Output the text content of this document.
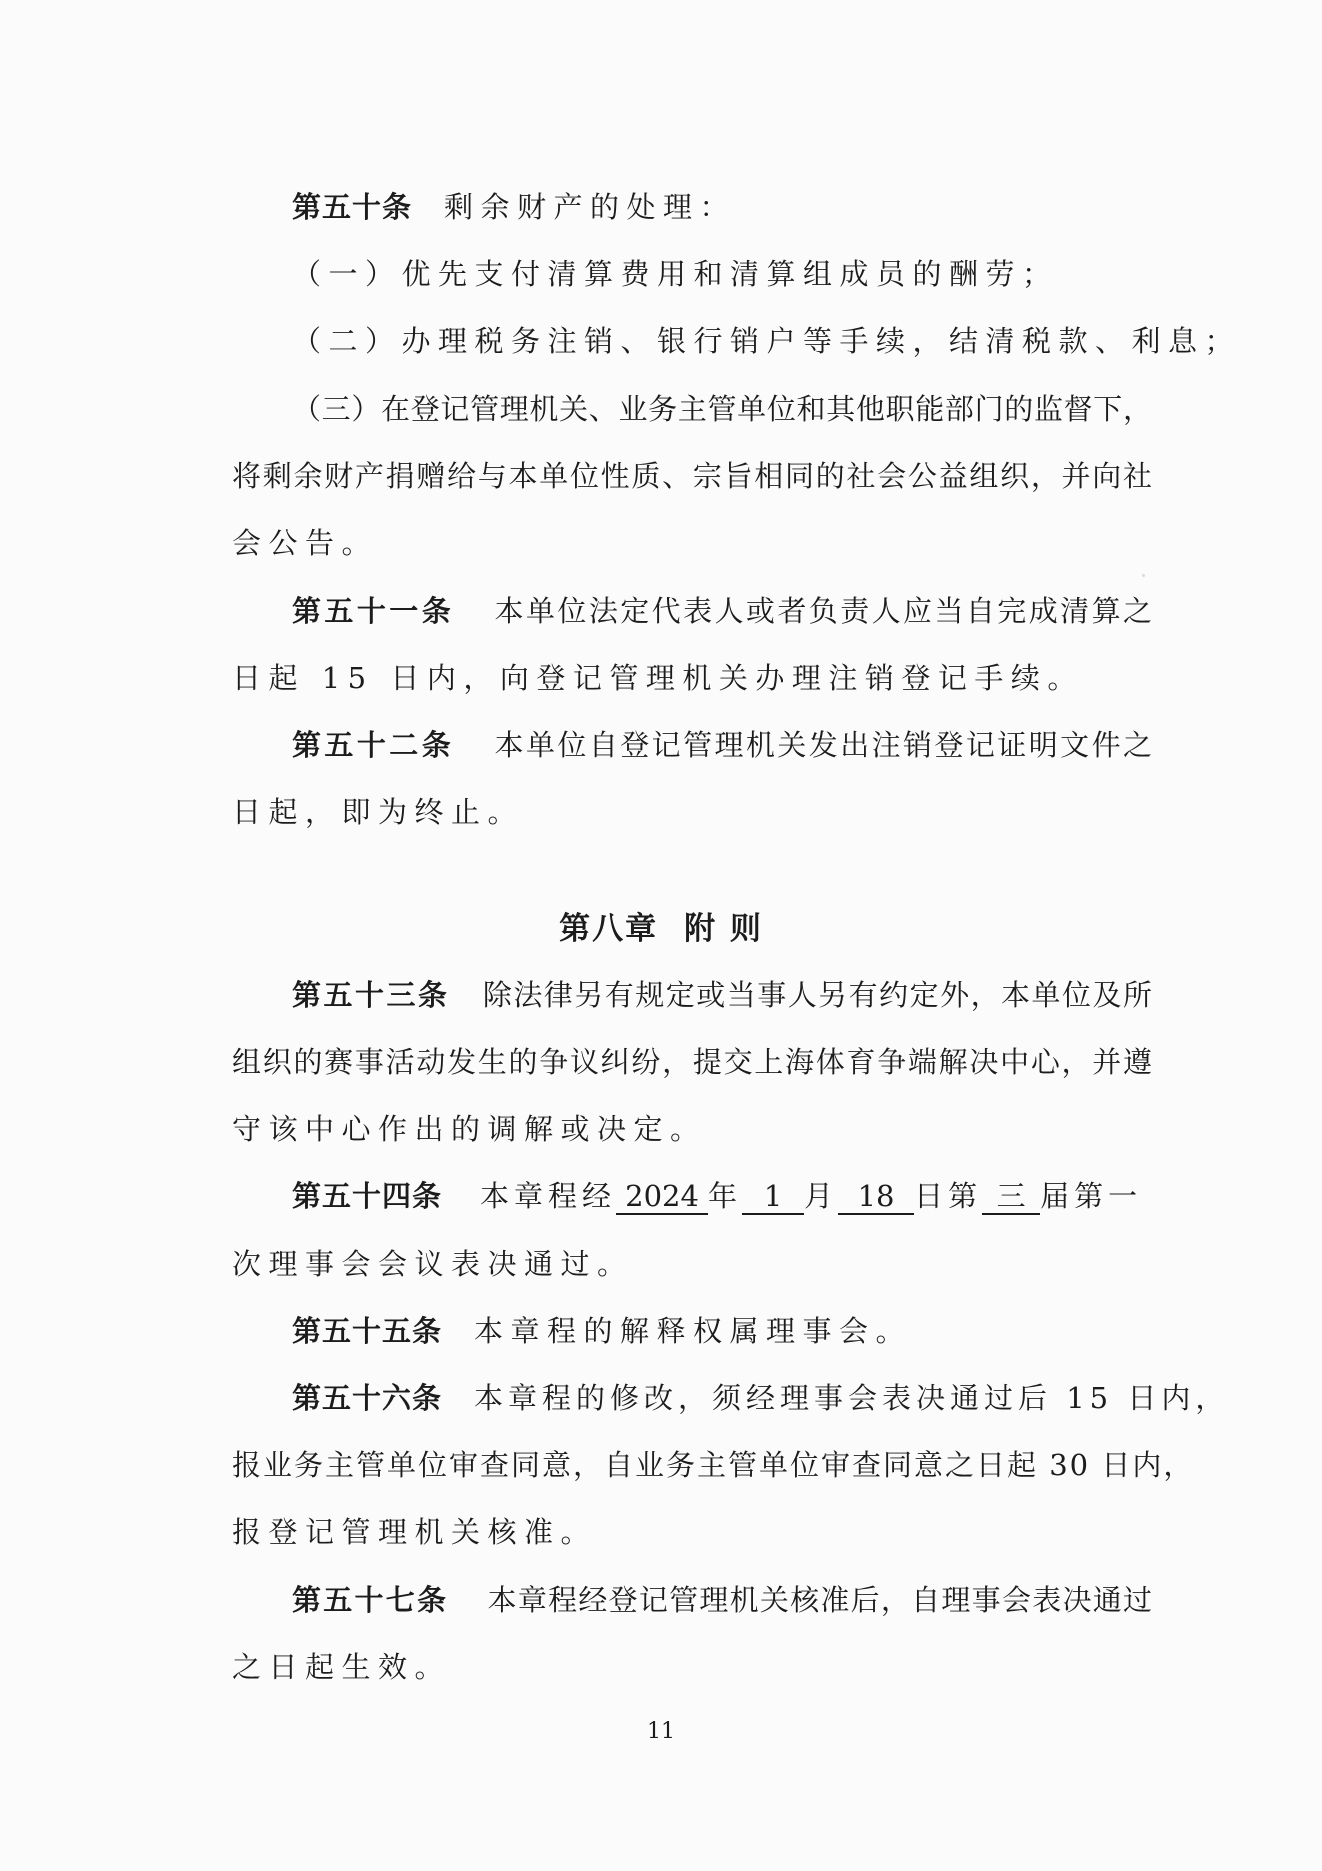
第五十条 剩余财产的处理：
（一）优先支付清算费用和清算组成员的酬劳；
（二）办理税务注销、银行销户等手续，结清税款、利息；
（三）在登记管理机关、业务主管单位和其他职能部门的监督下，
将剩余财产捐赠给与本单位性质、宗旨相同的社会公益组织，并向社
会公告。
第五十一条 本单位法定代表人或者负责人应当自完成清算之
日起 15 日内，向登记管理机关办理注销登记手续。
第五十二条 本单位自登记管理机关发出注销登记证明文件之
日起，即为终止。
第八章 附 则
第五十三条 除法律另有规定或当事人另有约定外，本单位及所
组织的赛事活动发生的争议纠纷，提交上海体育争端解决中心，并遵
守该中心作出的调解或决定。
第五十四条 本章程经 2024 年 1 月 18 日第 三 届第一
次理事会会议表决通过。
第五十五条 本章程的解释权属理事会。
第五十六条 本章程的修改，须经理事会表决通过后 15 日内，
报业务主管单位审查同意，自业务主管单位审查同意之日起 30 日内，
报登记管理机关核准。
第五十七条 本章程经登记管理机关核准后，自理事会表决通过
之日起生效。
11
